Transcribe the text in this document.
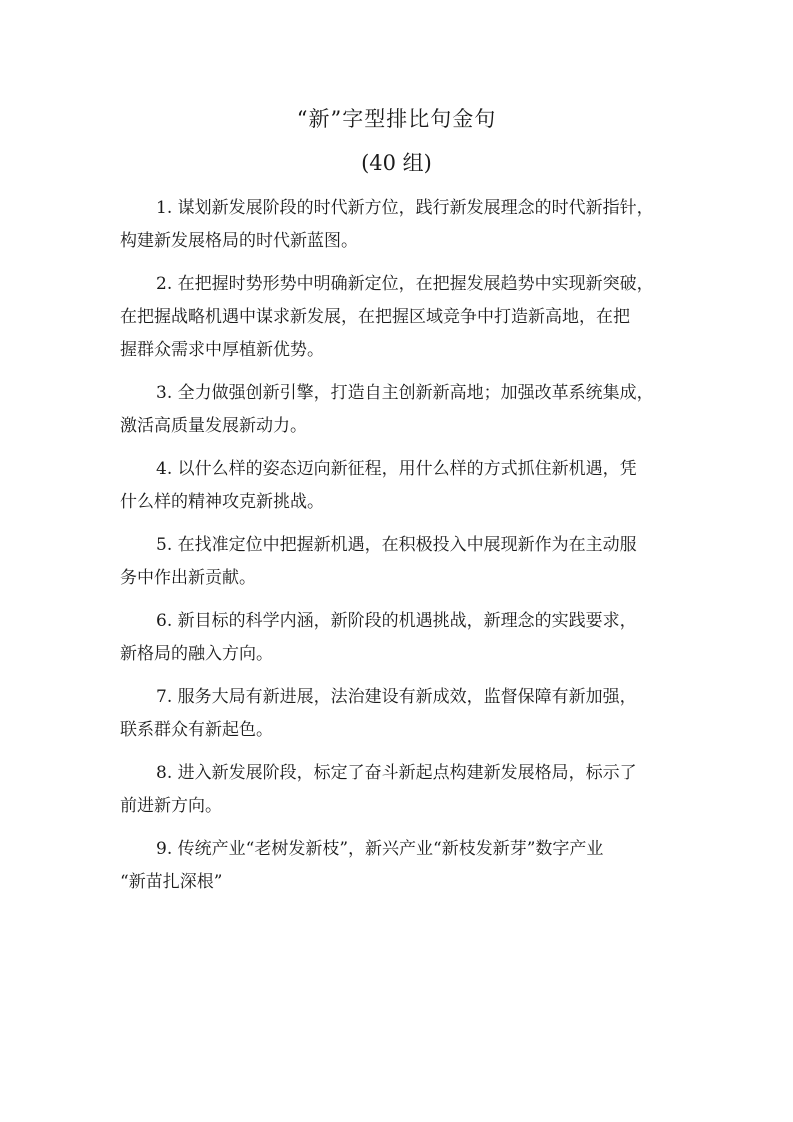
“新”字型排比句金句
(40 组)

1. 谋划新发展阶段的时代新方位，践行新发展理念的时代新指针，
构建新发展格局的时代新蓝图。

2. 在把握时势形势中明确新定位，在把握发展趋势中实现新突破，
在把握战略机遇中谋求新发展，在把握区域竞争中打造新高地，在把
握群众需求中厚植新优势。

3. 全力做强创新引擎，打造自主创新新高地；加强改革系统集成，
激活高质量发展新动力。

4. 以什么样的姿态迈向新征程，用什么样的方式抓住新机遇，凭
什么样的精神攻克新挑战。

5. 在找准定位中把握新机遇，在积极投入中展现新作为在主动服
务中作出新贡献。

6. 新目标的科学内涵，新阶段的机遇挑战，新理念的实践要求，
新格局的融入方向。

7. 服务大局有新进展，法治建设有新成效，监督保障有新加强，
联系群众有新起色。

8. 进入新发展阶段，标定了奋斗新起点构建新发展格局，标示了
前进新方向。

9. 传统产业“老树发新枝”，新兴产业“新枝发新芽”数字产业
“新苗扎深根”
